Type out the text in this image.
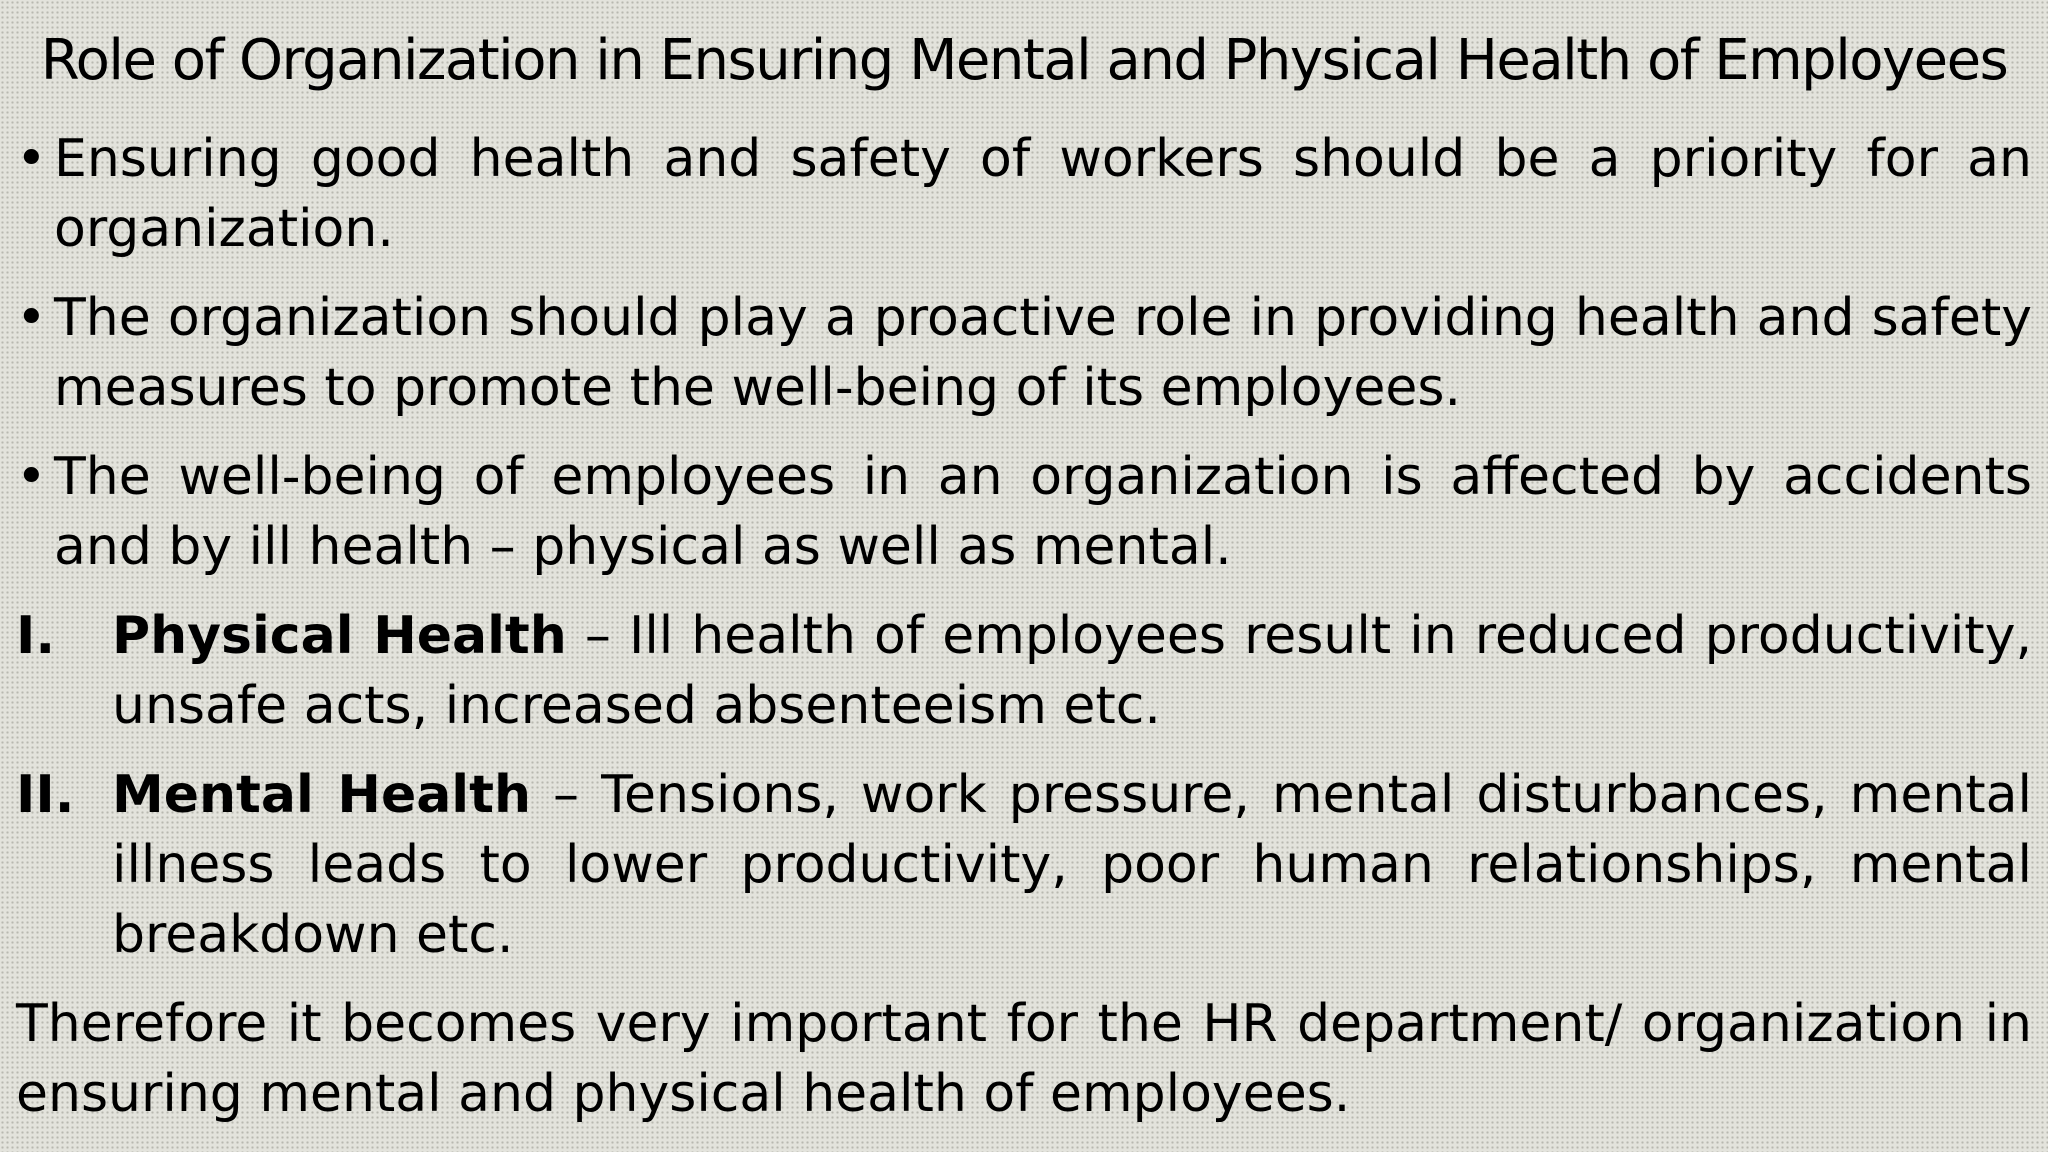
Role of Organization in Ensuring Mental and Physical Health of Employees
• Ensuring good health and safety of workers should be a priority for an organization.
• The organization should play a proactive role in providing health and safety measures to promote the well-being of its employees.
• The well-being of employees in an organization is affected by accidents and by ill health – physical as well as mental.
I.	Physical Health – Ill health of employees result in reduced productivity, unsafe acts, increased absenteeism etc.
II. Mental Health – Tensions, work pressure, mental disturbances, mental illness leads to lower productivity, poor human relationships, mental breakdown etc.
Therefore it becomes very important for the HR department/ organization in ensuring mental and physical health of employees.
